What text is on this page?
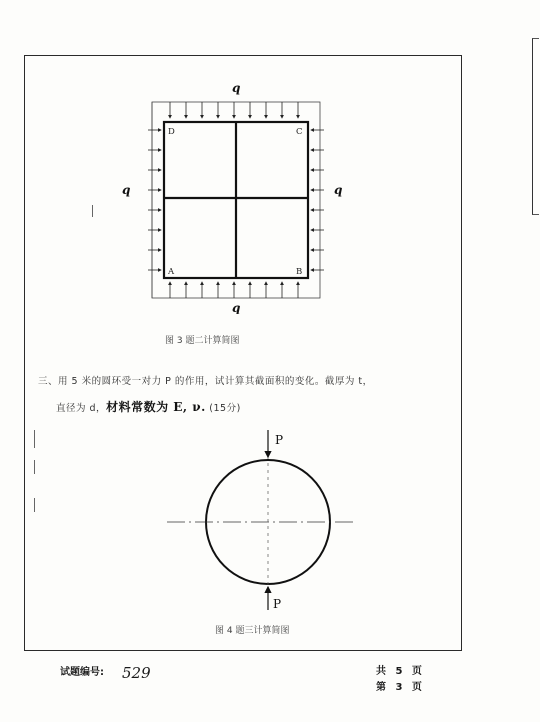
q
q
q	q
D	C
A	B
图 3 题二计算简图
三、用 5 米的圆环受一对力 P 的作用，试计算其截面积的变化。截厚为 t，
直径为 d，材料常数为 E, ν. (15分)
P
P
图 4 题三计算简图
试题编号: 529	共 5 页
第 3 页
